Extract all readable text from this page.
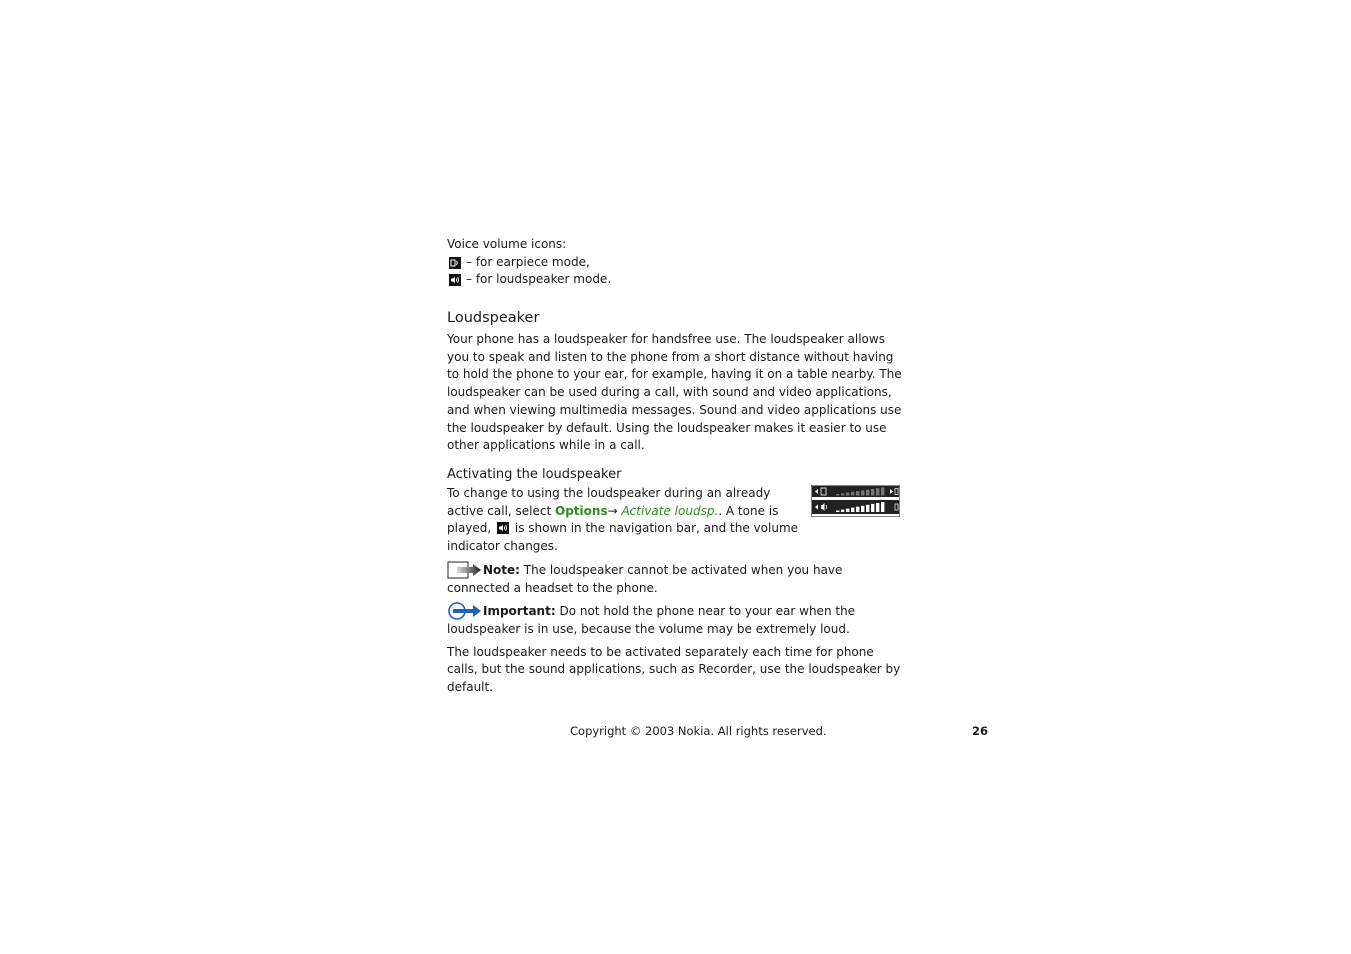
Voice volume icons:

– for earpiece mode,
– for loudspeaker mode.
Loudspeaker

Your phone has a loudspeaker for handsfree use. The loudspeaker allows you to speak and listen to the phone from a short distance without having to hold the phone to your ear, for example, having it on a table nearby. The loudspeaker can be used during a call, with sound and video applications, and when viewing multimedia messages. Sound and video applications use the loudspeaker by default. Using the loudspeaker makes it easier to use other applications while in a call.

Activating the loudspeaker

To change to using the loudspeaker during an already active call, select Options→ Activate loudsp.. A tone is played,
is shown in the navigation bar, and the volume indicator changes.

Note: The loudspeaker cannot be activated when you have connected a headset to the phone.

Important: Do not hold the phone near to your ear when the loudspeaker is in use, because the volume may be extremely loud.

The loudspeaker needs to be activated separately each time for phone calls, but the sound applications, such as Recorder, use the loudspeaker by default.

Copyright © 2003 Nokia. All rights reserved.	26
